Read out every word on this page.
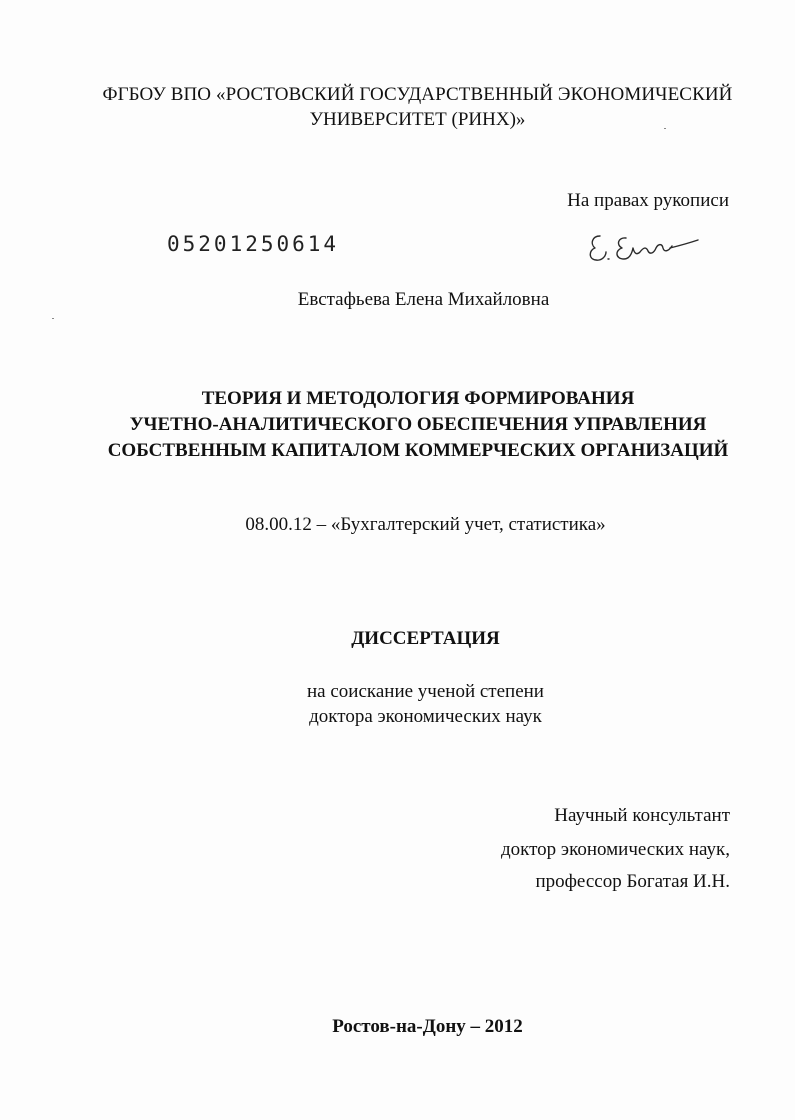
ФГБОУ ВПО «РОСТОВСКИЙ ГОСУДАРСТВЕННЫЙ ЭКОНОМИЧЕСКИЙ
УНИВЕРСИТЕТ (РИНХ)»
На правах рукописи
05201250614
Евстафьева Елена Михайловна
ТЕОРИЯ И МЕТОДОЛОГИЯ ФОРМИРОВАНИЯ
УЧЕТНО-АНАЛИТИЧЕСКОГО ОБЕСПЕЧЕНИЯ УПРАВЛЕНИЯ
СОБСТВЕННЫМ КАПИТАЛОМ КОММЕРЧЕСКИХ ОРГАНИЗАЦИЙ
08.00.12 – «Бухгалтерский учет, статистика»
ДИССЕРТАЦИЯ
на соискание ученой степени
доктора экономических наук
Научный консультант
доктор экономических наук,
профессор Богатая И.Н.
Ростов-на-Дону – 2012
